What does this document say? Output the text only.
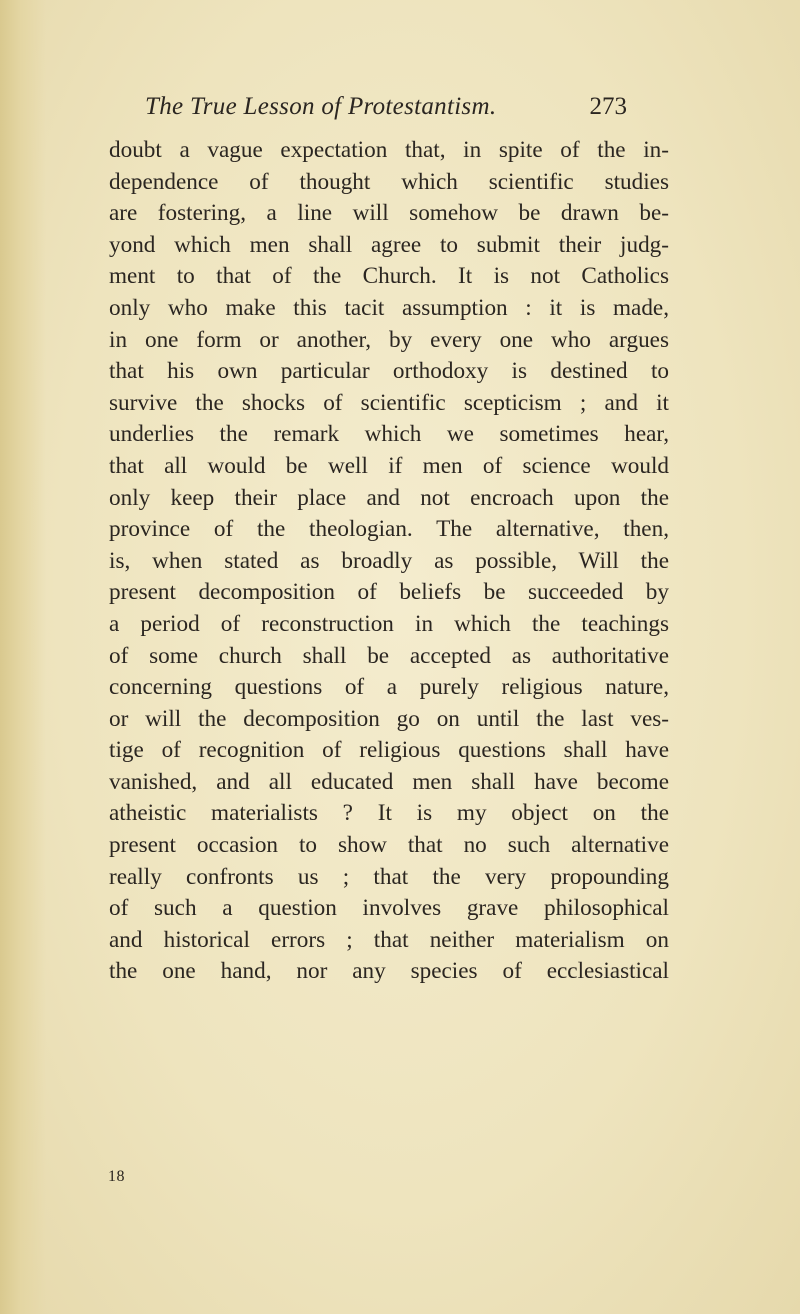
The True Lesson of Protestantism.	273
doubt a vague expectation that, in spite of the in-
dependence of thought which scientific studies
are fostering, a line will somehow be drawn be-
yond which men shall agree to submit their judg-
ment to that of the Church. It is not Catholics
only who make this tacit assumption : it is made,
in one form or another, by every one who argues
that his own particular orthodoxy is destined to
survive the shocks of scientific scepticism ; and it
underlies the remark which we sometimes hear,
that all would be well if men of science would
only keep their place and not encroach upon the
province of the theologian. The alternative, then,
is, when stated as broadly as possible, Will the
present decomposition of beliefs be succeeded by
a period of reconstruction in which the teachings
of some church shall be accepted as authoritative
concerning questions of a purely religious nature,
or will the decomposition go on until the last ves-
tige of recognition of religious questions shall have
vanished, and all educated men shall have become
atheistic materialists ? It is my object on the
present occasion to show that no such alternative
really confronts us ; that the very propounding
of such a question involves grave philosophical
and historical errors ; that neither materialism on
the one hand, nor any species of ecclesiastical
18
